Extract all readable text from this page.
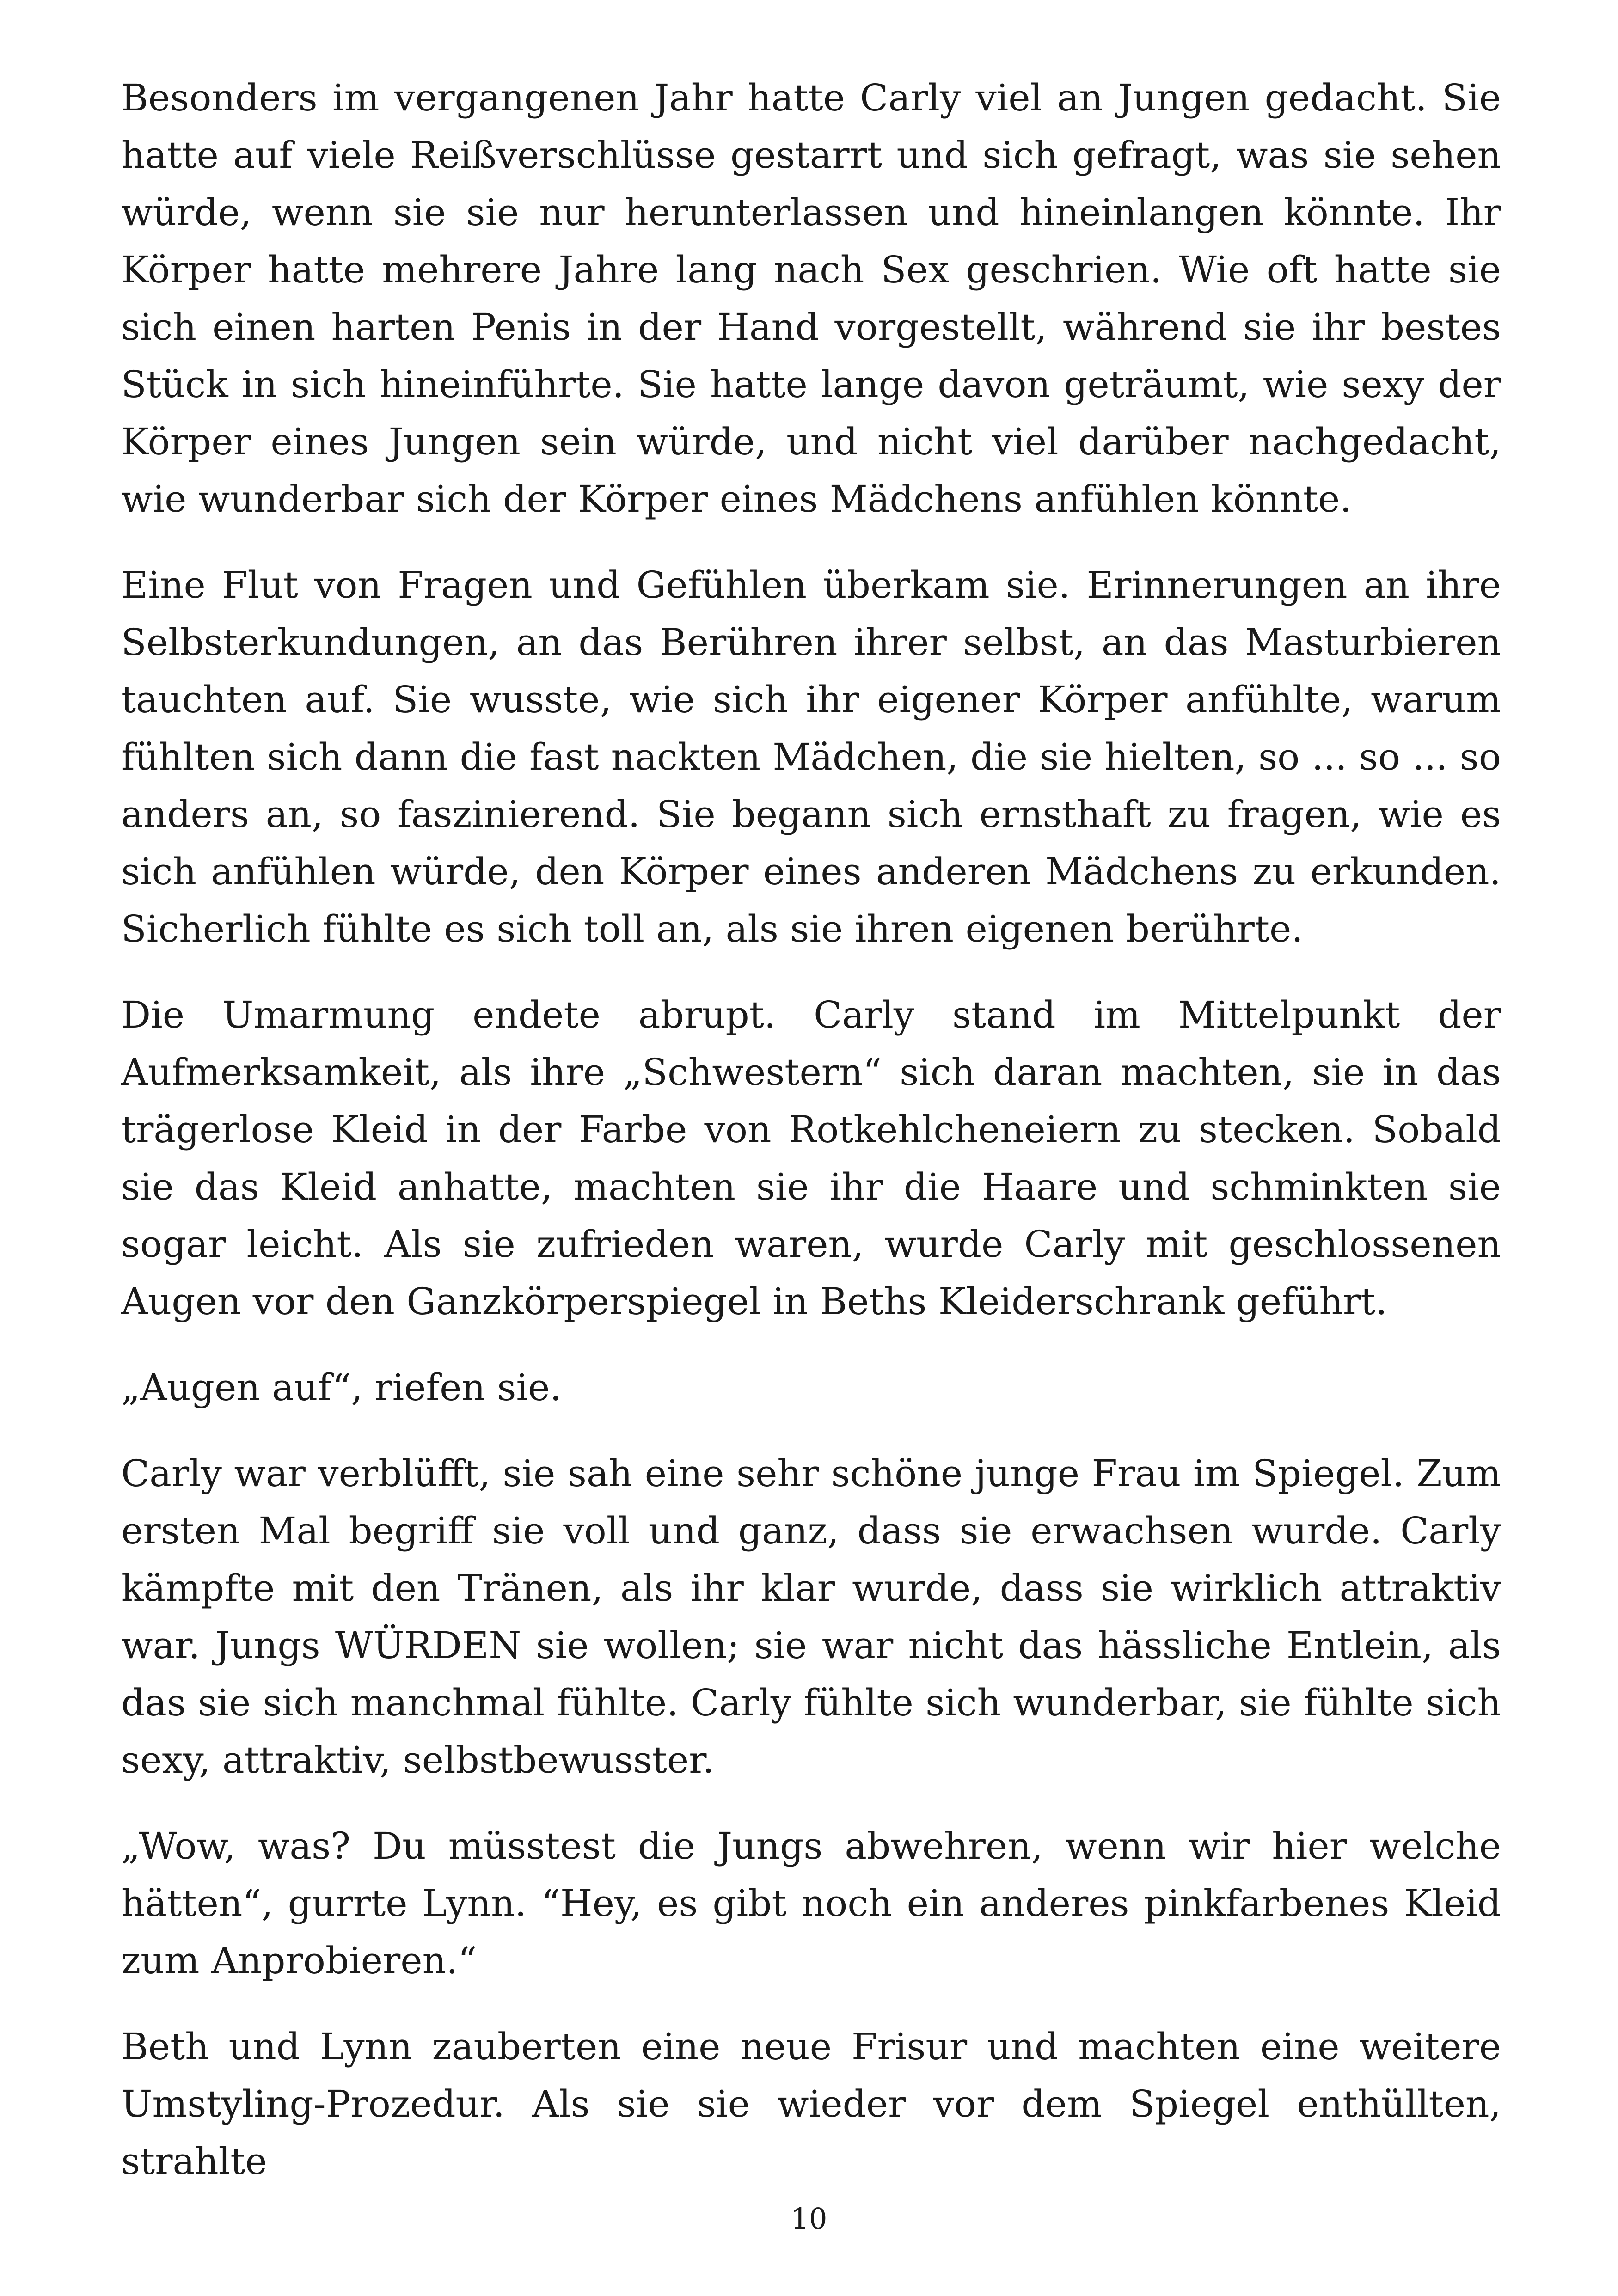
Besonders im vergangenen Jahr hatte Carly viel an Jungen gedacht. Sie hatte auf viele Reißverschlüsse gestarrt und sich gefragt, was sie sehen würde, wenn sie sie nur herunterlassen und hineinlangen könnte. Ihr Körper hatte mehrere Jahre lang nach Sex geschrien. Wie oft hatte sie sich einen harten Penis in der Hand vorgestellt, während sie ihr bestes Stück in sich hineinführte. Sie hatte lange davon geträumt, wie sexy der Körper eines Jungen sein würde, und nicht viel darüber nachgedacht, wie wunderbar sich der Körper eines Mädchens anfühlen könnte.

Eine Flut von Fragen und Gefühlen überkam sie. Erinnerungen an ihre Selbsterkundungen, an das Berühren ihrer selbst, an das Masturbieren tauchten auf. Sie wusste, wie sich ihr eigener Körper anfühlte, warum fühlten sich dann die fast nackten Mädchen, die sie hielten, so ... so ... so anders an, so faszinierend. Sie begann sich ernsthaft zu fragen, wie es sich anfühlen würde, den Körper eines anderen Mädchens zu erkunden. Sicherlich fühlte es sich toll an, als sie ihren eigenen berührte.

Die Umarmung endete abrupt. Carly stand im Mittelpunkt der Aufmerksamkeit, als ihre „Schwestern“ sich daran machten, sie in das trägerlose Kleid in der Farbe von Rotkehlcheneiern zu stecken. Sobald sie das Kleid anhatte, machten sie ihr die Haare und schminkten sie sogar leicht. Als sie zufrieden waren, wurde Carly mit geschlossenen Augen vor den Ganzkörperspiegel in Beths Kleiderschrank geführt.

„Augen auf“, riefen sie.

Carly war verblüfft, sie sah eine sehr schöne junge Frau im Spiegel. Zum ersten Mal begriff sie voll und ganz, dass sie erwachsen wurde. Carly kämpfte mit den Tränen, als ihr klar wurde, dass sie wirklich attraktiv war. Jungs WÜRDEN sie wollen; sie war nicht das hässliche Entlein, als das sie sich manchmal fühlte. Carly fühlte sich wunderbar, sie fühlte sich sexy, attraktiv, selbstbewusster.

„Wow, was? Du müsstest die Jungs abwehren, wenn wir hier welche hätten“, gurrte Lynn. “Hey, es gibt noch ein anderes pinkfarbenes Kleid zum Anprobieren.“

Beth und Lynn zauberten eine neue Frisur und machten eine weitere Umstyling-Prozedur. Als sie sie wieder vor dem Spiegel enthüllten, strahlte

10
